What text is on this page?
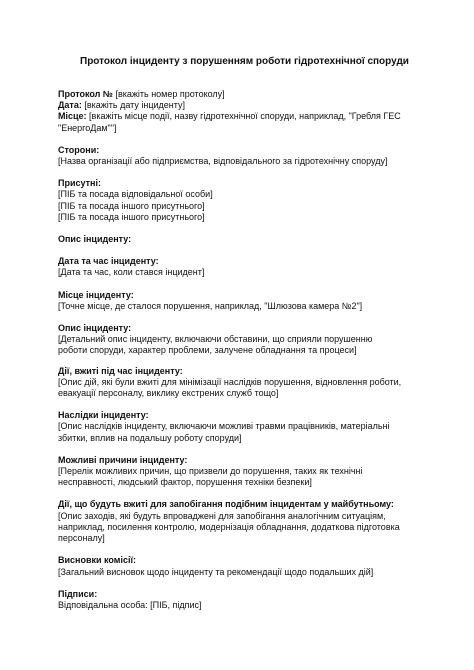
Протокол інциденту з порушенням роботи гідротехнічної споруди

Протокол № [вкажіть номер протоколу]

Дата: [вкажіть дату інциденту]

Місце: [вкажіть місце події, назву гідротехнічної споруди, наприклад, "Гребля ГЕС "ЕнергоДам""]

Сторони:

[Назва організації або підприємства, відповідального за гідротехнічну споруду]

Присутні:

[ПІБ та посада відповідальної особи]

[ПІБ та посада іншого присутнього]

[ПІБ та посада іншого присутнього]

Опис інциденту:

Дата та час інциденту:

[Дата та час, коли стався інцидент]

Місце інциденту:

[Точне місце, де сталося порушення, наприклад, "Шлюзова камера №2"]

Опис інциденту:

[Детальний опис інциденту, включаючи обставини, що сприяли порушенню роботи споруди, характер проблеми, залучене обладнання та процеси]

Дії, вжиті під час інциденту:

[Опис дій, які були вжиті для мінімізації наслідків порушення, відновлення роботи, евакуації персоналу, виклику екстрених служб тощо]

Наслідки інциденту:

[Опис наслідків інциденту, включаючи можливі травми працівників, матеріальні збитки, вплив на подальшу роботу споруди]

Можливі причини інциденту:

[Перелік можливих причин, що призвели до порушення, таких як технічні несправності, людський фактор, порушення техніки безпеки]

Дії, що будуть вжиті для запобігання подібним інцидентам у майбутньому:

[Опис заходів, які будуть впроваджені для запобігання аналогічним ситуаціям, наприклад, посилення контролю, модернізація обладнання, додаткова підготовка персоналу]

Висновки комісії:

[Загальний висновок щодо інциденту та рекомендації щодо подальших дій]

Підписи:

Відповідальна особа: [ПІБ, підпис]
